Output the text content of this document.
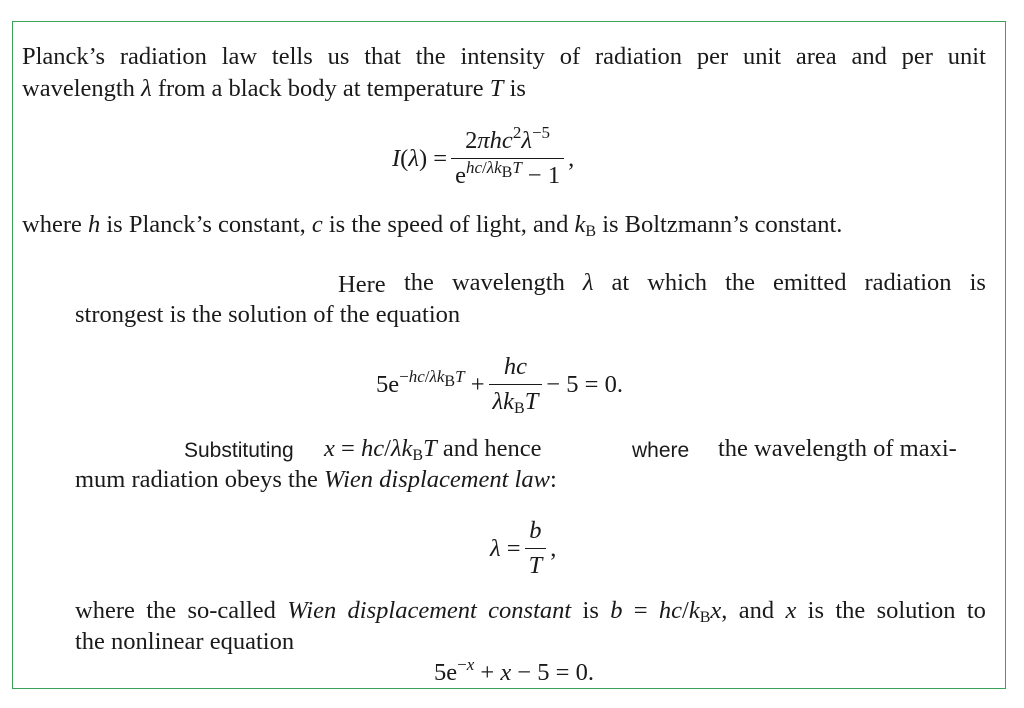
Planck’s radiation law tells us that the intensity of radiation per unit area and per unit
wavelength λ from a black body at temperature T is
$I(\lambda) = \frac{2\pi hc^2\lambda^{-5}}{e^{hc/\lambda k_BT} - 1}$ ,
where h is Planck’s constant, c is the speed of light, and $k_B$ is Boltzmann’s constant.
Here the wavelength λ at which the emitted radiation is
strongest is the solution of the equation
$5e^{-hc/\lambda k_BT} + \frac{hc}{\lambda k_BT} - 5 = 0$.
Substituting $x = hc/\lambda k_BT$ and hence	where the wavelength of maxi-
mum radiation obeys the Wien displacement law:
$\lambda = \frac{b}{T}$ ,
where the so-called Wien displacement constant is $b = hc/k_Bx$, and x is the solution to
the nonlinear equation
$5e^{-x} + x - 5 = 0$.
